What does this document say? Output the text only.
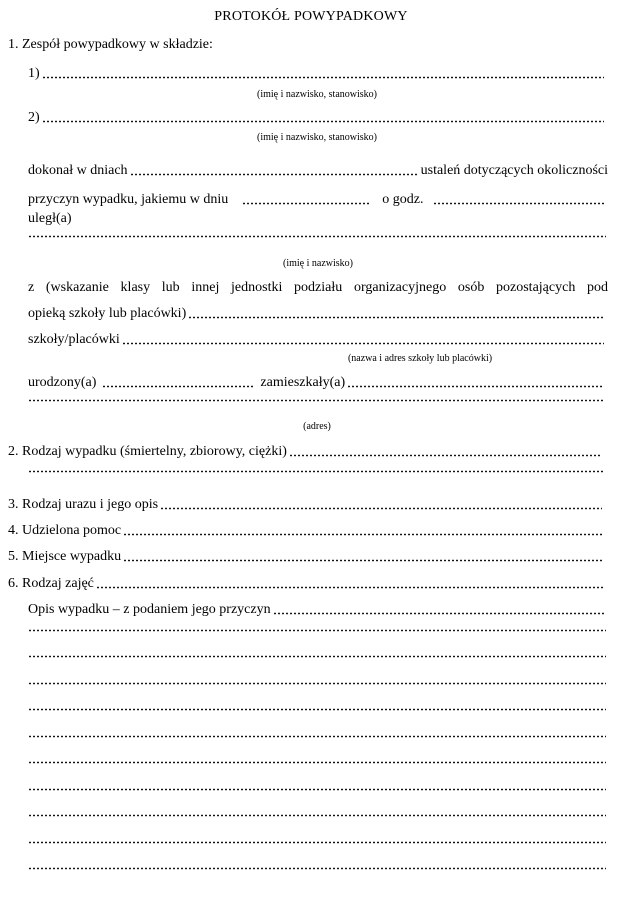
PROTOKÓŁ POWYPADKOWY
1. Zespół powypadkowy w składzie:
1)
(imię i nazwisko, stanowisko)
2)
(imię i nazwisko, stanowisko)
dokonał w dniach	ustaleń dotyczących okoliczności
przyczyn wypadku, jakiemu w dniu	o godz.
uległ(a)
(imię i nazwisko)
z (wskazanie klasy lub innej jednostki podziału organizacyjnego osób pozostających pod
opieką szkoły lub placówki)
szkoły/placówki
(nazwa i adres szkoły lub placówki)
urodzony(a)	zamieszkały(a)
(adres)
2. Rodzaj wypadku (śmiertelny, zbiorowy, ciężki)
3. Rodzaj urazu i jego opis
4. Udzielona pomoc
5. Miejsce wypadku
6. Rodzaj zajęć
Opis wypadku – z podaniem jego przyczyn
